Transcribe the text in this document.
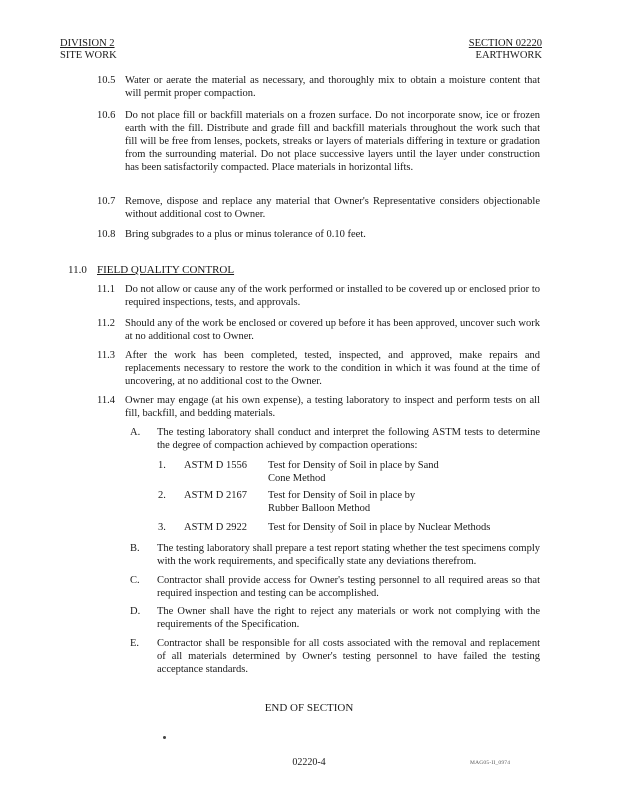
DIVISION 2
SITE WORK
SECTION 02220
EARTHWORK
10.5 Water or aerate the material as necessary, and thoroughly mix to obtain a moisture content that will permit proper compaction.
10.6 Do not place fill or backfill materials on a frozen surface. Do not incorporate snow, ice or frozen earth with the fill. Distribute and grade fill and backfill materials throughout the work such that fill will be free from lenses, pockets, streaks or layers of materials differing in texture or gradation from the surrounding material. Do not place successive layers until the layer under construction has been satisfactorily compacted. Place materials in horizontal lifts.
10.7 Remove, dispose and replace any material that Owner's Representative considers objectionable without additional cost to Owner.
10.8 Bring subgrades to a plus or minus tolerance of 0.10 feet.
11.0 FIELD QUALITY CONTROL
11.1 Do not allow or cause any of the work performed or installed to be covered up or enclosed prior to required inspections, tests, and approvals.
11.2 Should any of the work be enclosed or covered up before it has been approved, uncover such work at no additional cost to Owner.
11.3 After the work has been completed, tested, inspected, and approved, make repairs and replacements necessary to restore the work to the condition in which it was found at the time of uncovering, at no additional cost to the Owner.
11.4 Owner may engage (at his own expense), a testing laboratory to inspect and perform tests on all fill, backfill, and bedding materials.
A. The testing laboratory shall conduct and interpret the following ASTM tests to determine the degree of compaction achieved by compaction operations:
1. ASTM D 1556 Test for Density of Soil in place by Sand Cone Method
2. ASTM D 2167 Test for Density of Soil in place by Rubber Balloon Method
3. ASTM D 2922 Test for Density of Soil in place by Nuclear Methods
B. The testing laboratory shall prepare a test report stating whether the test specimens comply with the work requirements, and specifically state any deviations therefrom.
C. Contractor shall provide access for Owner's testing personnel to all required areas so that required inspection and testing can be accomplished.
D. The Owner shall have the right to reject any materials or work not complying with the requirements of the Specification.
E. Contractor shall be responsible for all costs associated with the removal and replacement of all materials determined by Owner's testing personnel to have failed the testing acceptance standards.
END OF SECTION
02220-4	MAG05-II_0974
